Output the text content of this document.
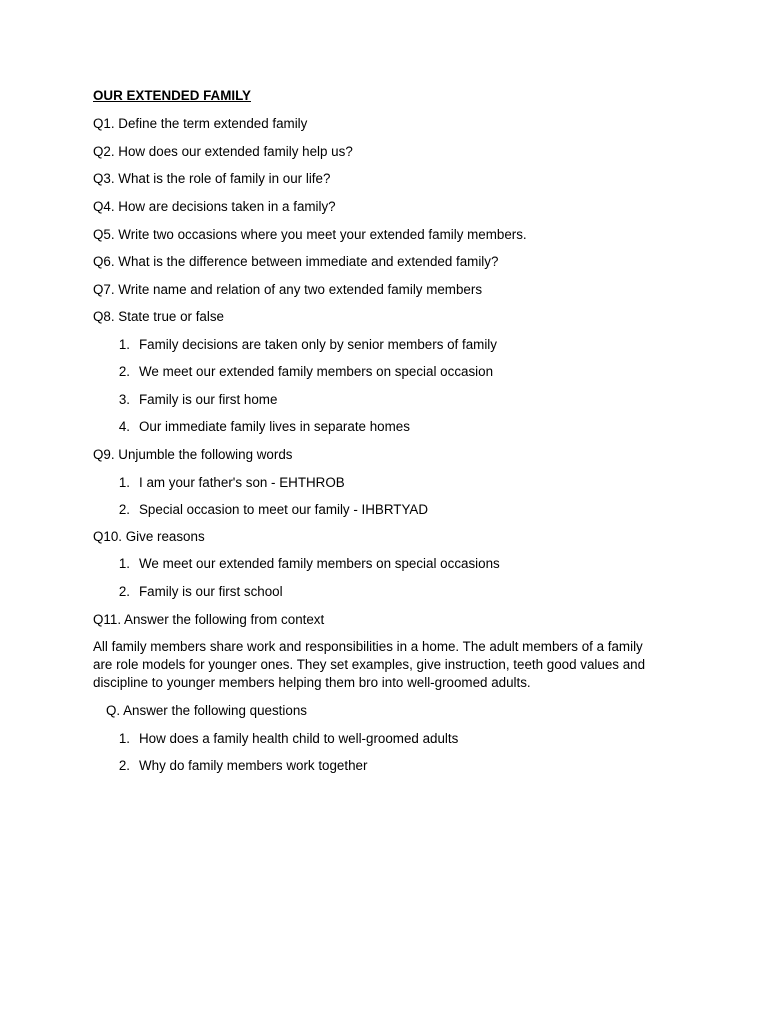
OUR EXTENDED FAMILY
Q1. Define the term extended family
Q2. How does our extended family help us?
Q3. What is the role of family in our life?
Q4. How are decisions taken in a family?
Q5. Write two occasions where you meet your extended family members.
Q6. What is the difference between immediate and extended family?
Q7. Write name and relation of any two extended family members
Q8. State true or false
1. Family decisions are taken only by senior members of family
2. We meet our extended family members on special occasion
3. Family is our first home
4. Our immediate family lives in separate homes
Q9. Unjumble the following words
1. I am your father's son - EHTHROB
2. Special occasion to meet our family - IHBRTYAD
Q10. Give reasons
1. We meet our extended family members on special occasions
2. Family is our first school
Q11. Answer the following from context
All family members share work and responsibilities in a home. The adult members of a family are role models for younger ones. They set examples, give instruction, teeth good values and discipline to younger members helping them bro into well-groomed adults.
Q. Answer the following questions
1. How does a family health child to well-groomed adults
2. Why do family members work together
